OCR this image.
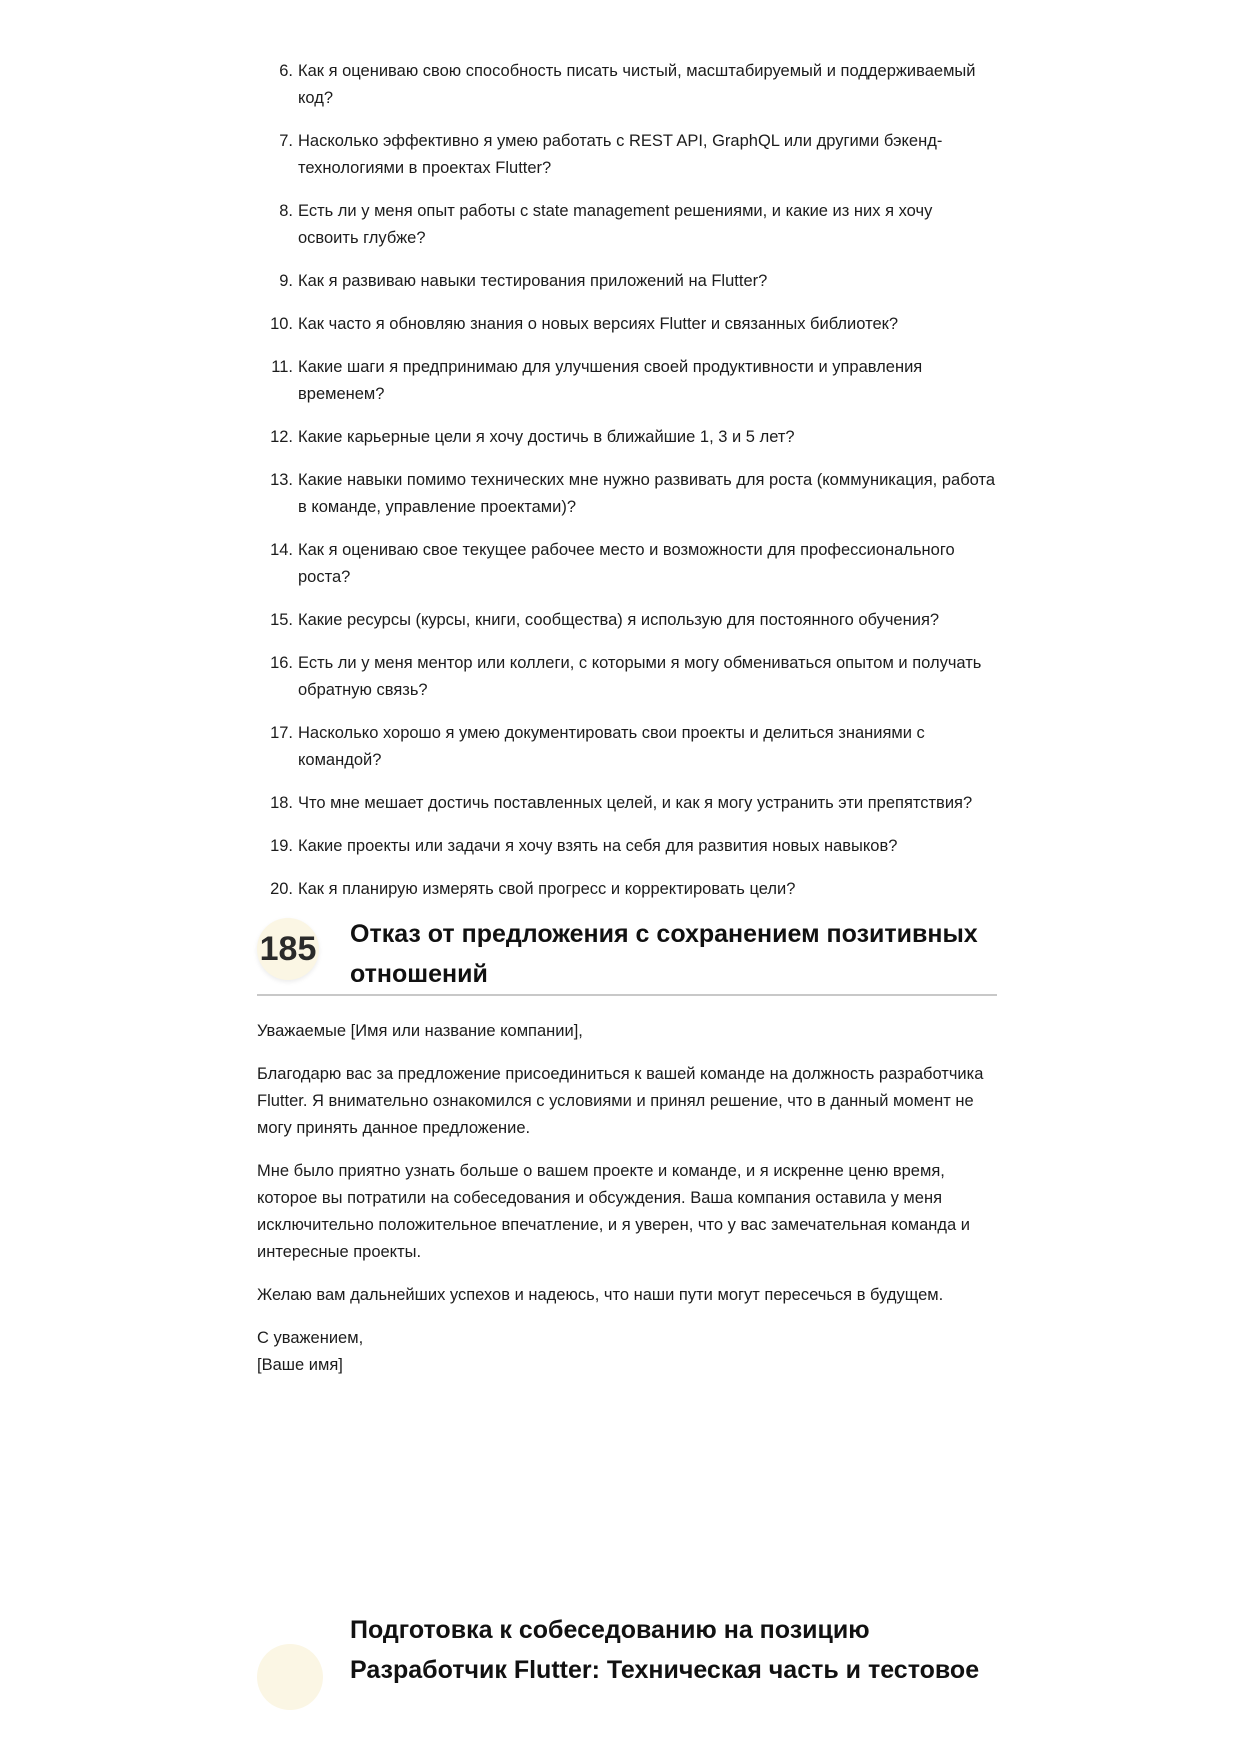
6. Как я оцениваю свою способность писать чистый, масштабируемый и поддерживаемый код?
7. Насколько эффективно я умею работать с REST API, GraphQL или другими бэкенд-технологиями в проектах Flutter?
8. Есть ли у меня опыт работы с state management решениями, и какие из них я хочу освоить глубже?
9. Как я развиваю навыки тестирования приложений на Flutter?
10. Как часто я обновляю знания о новых версиях Flutter и связанных библиотек?
11. Какие шаги я предпринимаю для улучшения своей продуктивности и управления временем?
12. Какие карьерные цели я хочу достичь в ближайшие 1, 3 и 5 лет?
13. Какие навыки помимо технических мне нужно развивать для роста (коммуникация, работа в команде, управление проектами)?
14. Как я оцениваю свое текущее рабочее место и возможности для профессионального роста?
15. Какие ресурсы (курсы, книги, сообщества) я использую для постоянного обучения?
16. Есть ли у меня ментор или коллеги, с которыми я могу обмениваться опытом и получать обратную связь?
17. Насколько хорошо я умею документировать свои проекты и делиться знаниями с командой?
18. Что мне мешает достичь поставленных целей, и как я могу устранить эти препятствия?
19. Какие проекты или задачи я хочу взять на себя для развития новых навыков?
20. Как я планирую измерять свой прогресс и корректировать цели?
185 Отказ от предложения с сохранением позитивных отношений

Уважаемые [Имя или название компании],

Благодарю вас за предложение присоединиться к вашей команде на должность разработчика Flutter. Я внимательно ознакомился с условиями и принял решение, что в данный момент не могу принять данное предложение.

Мне было приятно узнать больше о вашем проекте и команде, и я искренне ценю время, которое вы потратили на собеседования и обсуждения. Ваша компания оставила у меня исключительно положительное впечатление, и я уверен, что у вас замечательная команда и интересные проекты.

Желаю вам дальнейших успехов и надеюсь, что наши пути могут пересечься в будущем.

С уважением,

[Ваше имя]

Подготовка к собеседованию на позицию Разработчик Flutter: Техническая часть и тестовое
